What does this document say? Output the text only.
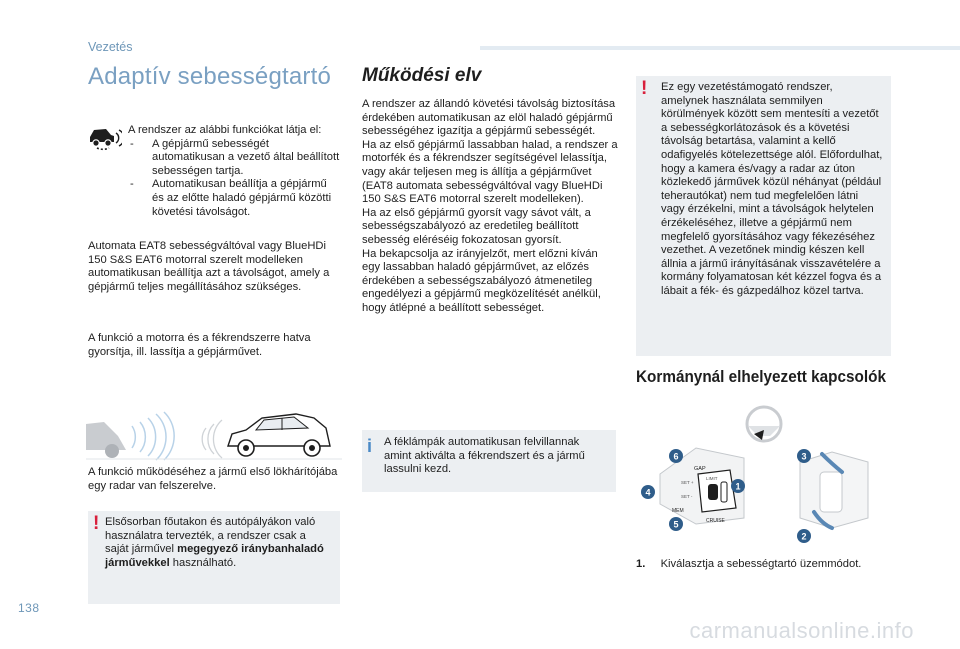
Vezetés
Adaptív sebességtartó
A rendszer az alábbi funkciókat látja el:
- A gépjármű sebességét automatikusan a vezető által beállított sebességen tartja.
- Automatikusan beállítja a gépjármű és az előtte haladó gépjármű közötti követési távolságot.
Automata EAT8 sebességváltóval vagy BlueHDi 150 S&S EAT6 motorral szerelt modelleken automatikusan beállítja azt a távolságot, amely a gépjármű teljes megállításához szükséges.
A funkció a motorra és a fékrendszerre hatva gyorsítja, ill. lassítja a gépjárművet.
A funkció működéséhez a jármű első lökhárítójába egy radar van felszerelve.
! Elsősorban főutakon és autópályákon való használatra tervezték, a rendszer csak a saját járművel megegyező iránybanhaladó járművekkel használható.
Működési elv
A rendszer az állandó követési távolság biztosítása érdekében automatikusan az elöl haladó gépjármű sebességéhez igazítja a gépjármű sebességét.
Ha az első gépjármű lassabban halad, a rendszer a motorfék és a fékrendszer segítségével lelassítja, vagy akár teljesen meg is állítja a gépjárművet (EAT8 automata sebességváltóval vagy BlueHDi 150 S&S EAT6 motorral szerelt modelleken).
Ha az első gépjármű gyorsít vagy sávot vált, a sebességszabályozó az eredetileg beállított sebesség eléréséig fokozatosan gyorsít.
Ha bekapcsolja az irányjelzőt, mert előzni kíván egy lassabban haladó gépjárművet, az előzés érdekében a sebességszabályozó átmenetileg engedélyezi a gépjármű megközelítését anélkül, hogy átlépné a beállított sebességet.
i A féklámpák automatikusan felvillannak amint aktiválta a fékrendszert és a jármű lassulni kezd.
! Ez egy vezetéstámogató rendszer, amelynek használata semmilyen körülmények között sem mentesíti a vezetőt a sebességkorlátozások és a követési távolság betartása, valamint a kellő odafigyelés kötelezettsége alól. Előfordulhat, hogy a kamera és/vagy a radar az úton közlekedő járművek közül néhányat (például teherautókat) nem tud megfelelően látni vagy érzékelni, mint a távolságok helytelen érzékeléséhez, illetve a gépjármű nem megfelelő gyorsításához vagy fékezéséhez vezethet. A vezetőnek mindig készen kell állnia a jármű irányításának visszavételére a kormány folyamatosan két kézzel fogva és a lábait a fék- és gázpedálhoz közel tartva.
Kormánynál elhelyezett kapcsolók
GAP
MEM
CRUISE
SET +
SET -
LIMIT
6
4
5
1
3
2
1. Kiválasztja a sebességtartó üzemmódot.
138
carmanualsonline.info
